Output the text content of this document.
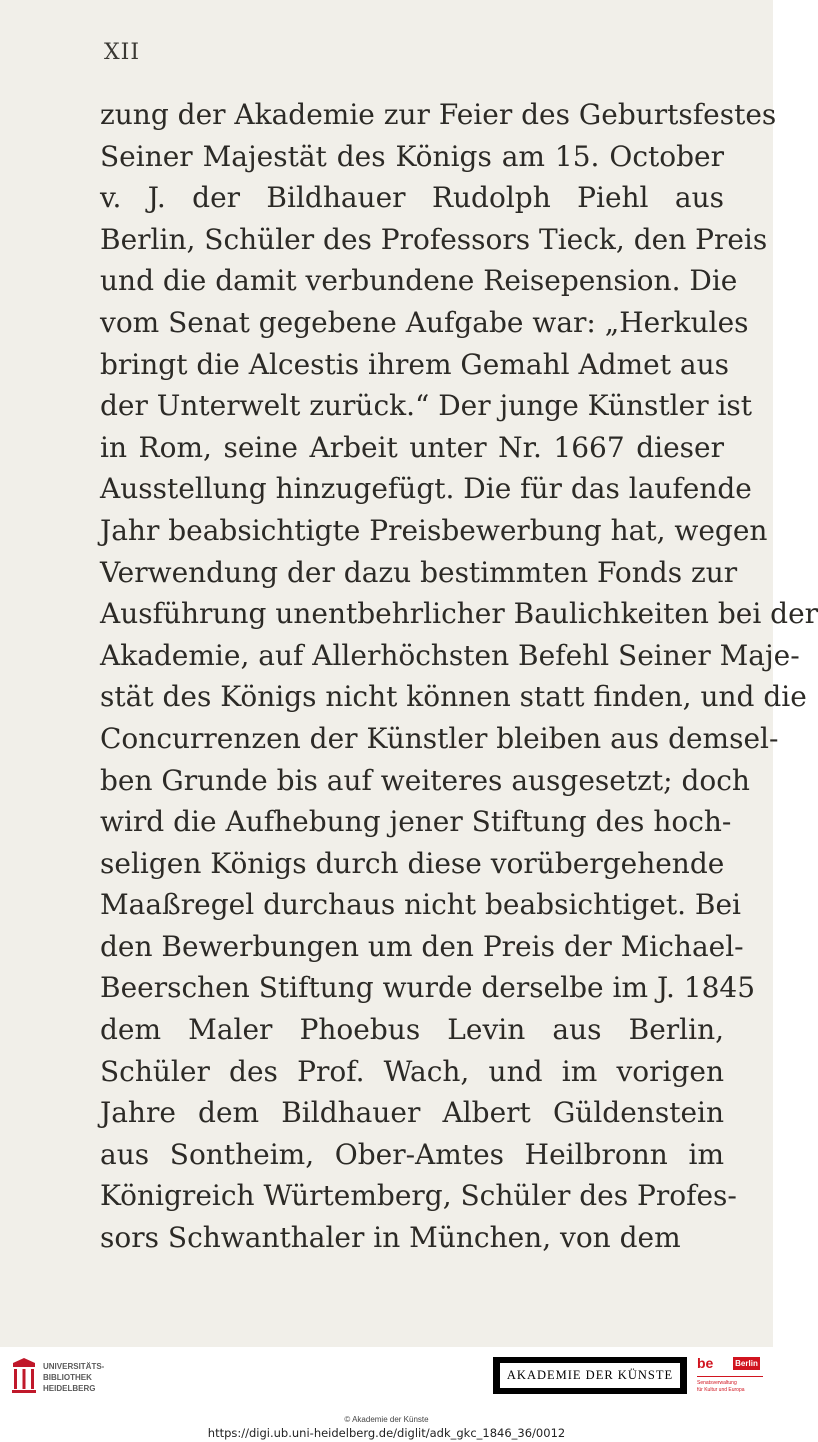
XII
zung der Akademie zur Feier des Geburtsfestes
Seiner Majestät des Königs am 15. October
v. J. der Bildhauer Rudolph Piehl aus
Berlin, Schüler des Professors Tieck, den Preis
und die damit verbundene Reisepension. Die
vom Senat gegebene Aufgabe war: „Herkules
bringt die Alcestis ihrem Gemahl Admet aus
der Unterwelt zurück.“ Der junge Künstler ist
in Rom, seine Arbeit unter Nr. 1667 dieser
Ausstellung hinzugefügt. Die für das laufende
Jahr beabsichtigte Preisbewerbung hat, wegen
Verwendung der dazu bestimmten Fonds zur
Ausführung unentbehrlicher Baulichkeiten bei der
Akademie, auf Allerhöchsten Befehl Seiner Maje-
stät des Königs nicht können statt finden, und die
Concurrenzen der Künstler bleiben aus demsel-
ben Grunde bis auf weiteres ausgesetzt; doch
wird die Aufhebung jener Stiftung des hoch-
seligen Königs durch diese vorübergehende
Maaßregel durchaus nicht beabsichtiget. Bei
den Bewerbungen um den Preis der Michael-
Beerschen Stiftung wurde derselbe im J. 1845
dem Maler Phoebus Levin aus Berlin,
Schüler des Prof. Wach, und im vorigen
Jahre dem Bildhauer Albert Güldenstein
aus Sontheim, Ober-Amtes Heilbronn im
Königreich Würtemberg, Schüler des Profes-
sors Schwanthaler in München, von dem
UNIVERSITÄTS-
BIBLIOTHEK
HEIDELBERG
AKADEMIE DER KÜNSTE
be	Berlin
Senatsverwaltung
für Kultur und Europa
© Akademie der Künste
https://digi.ub.uni-heidelberg.de/diglit/adk_gkc_1846_36/0012
